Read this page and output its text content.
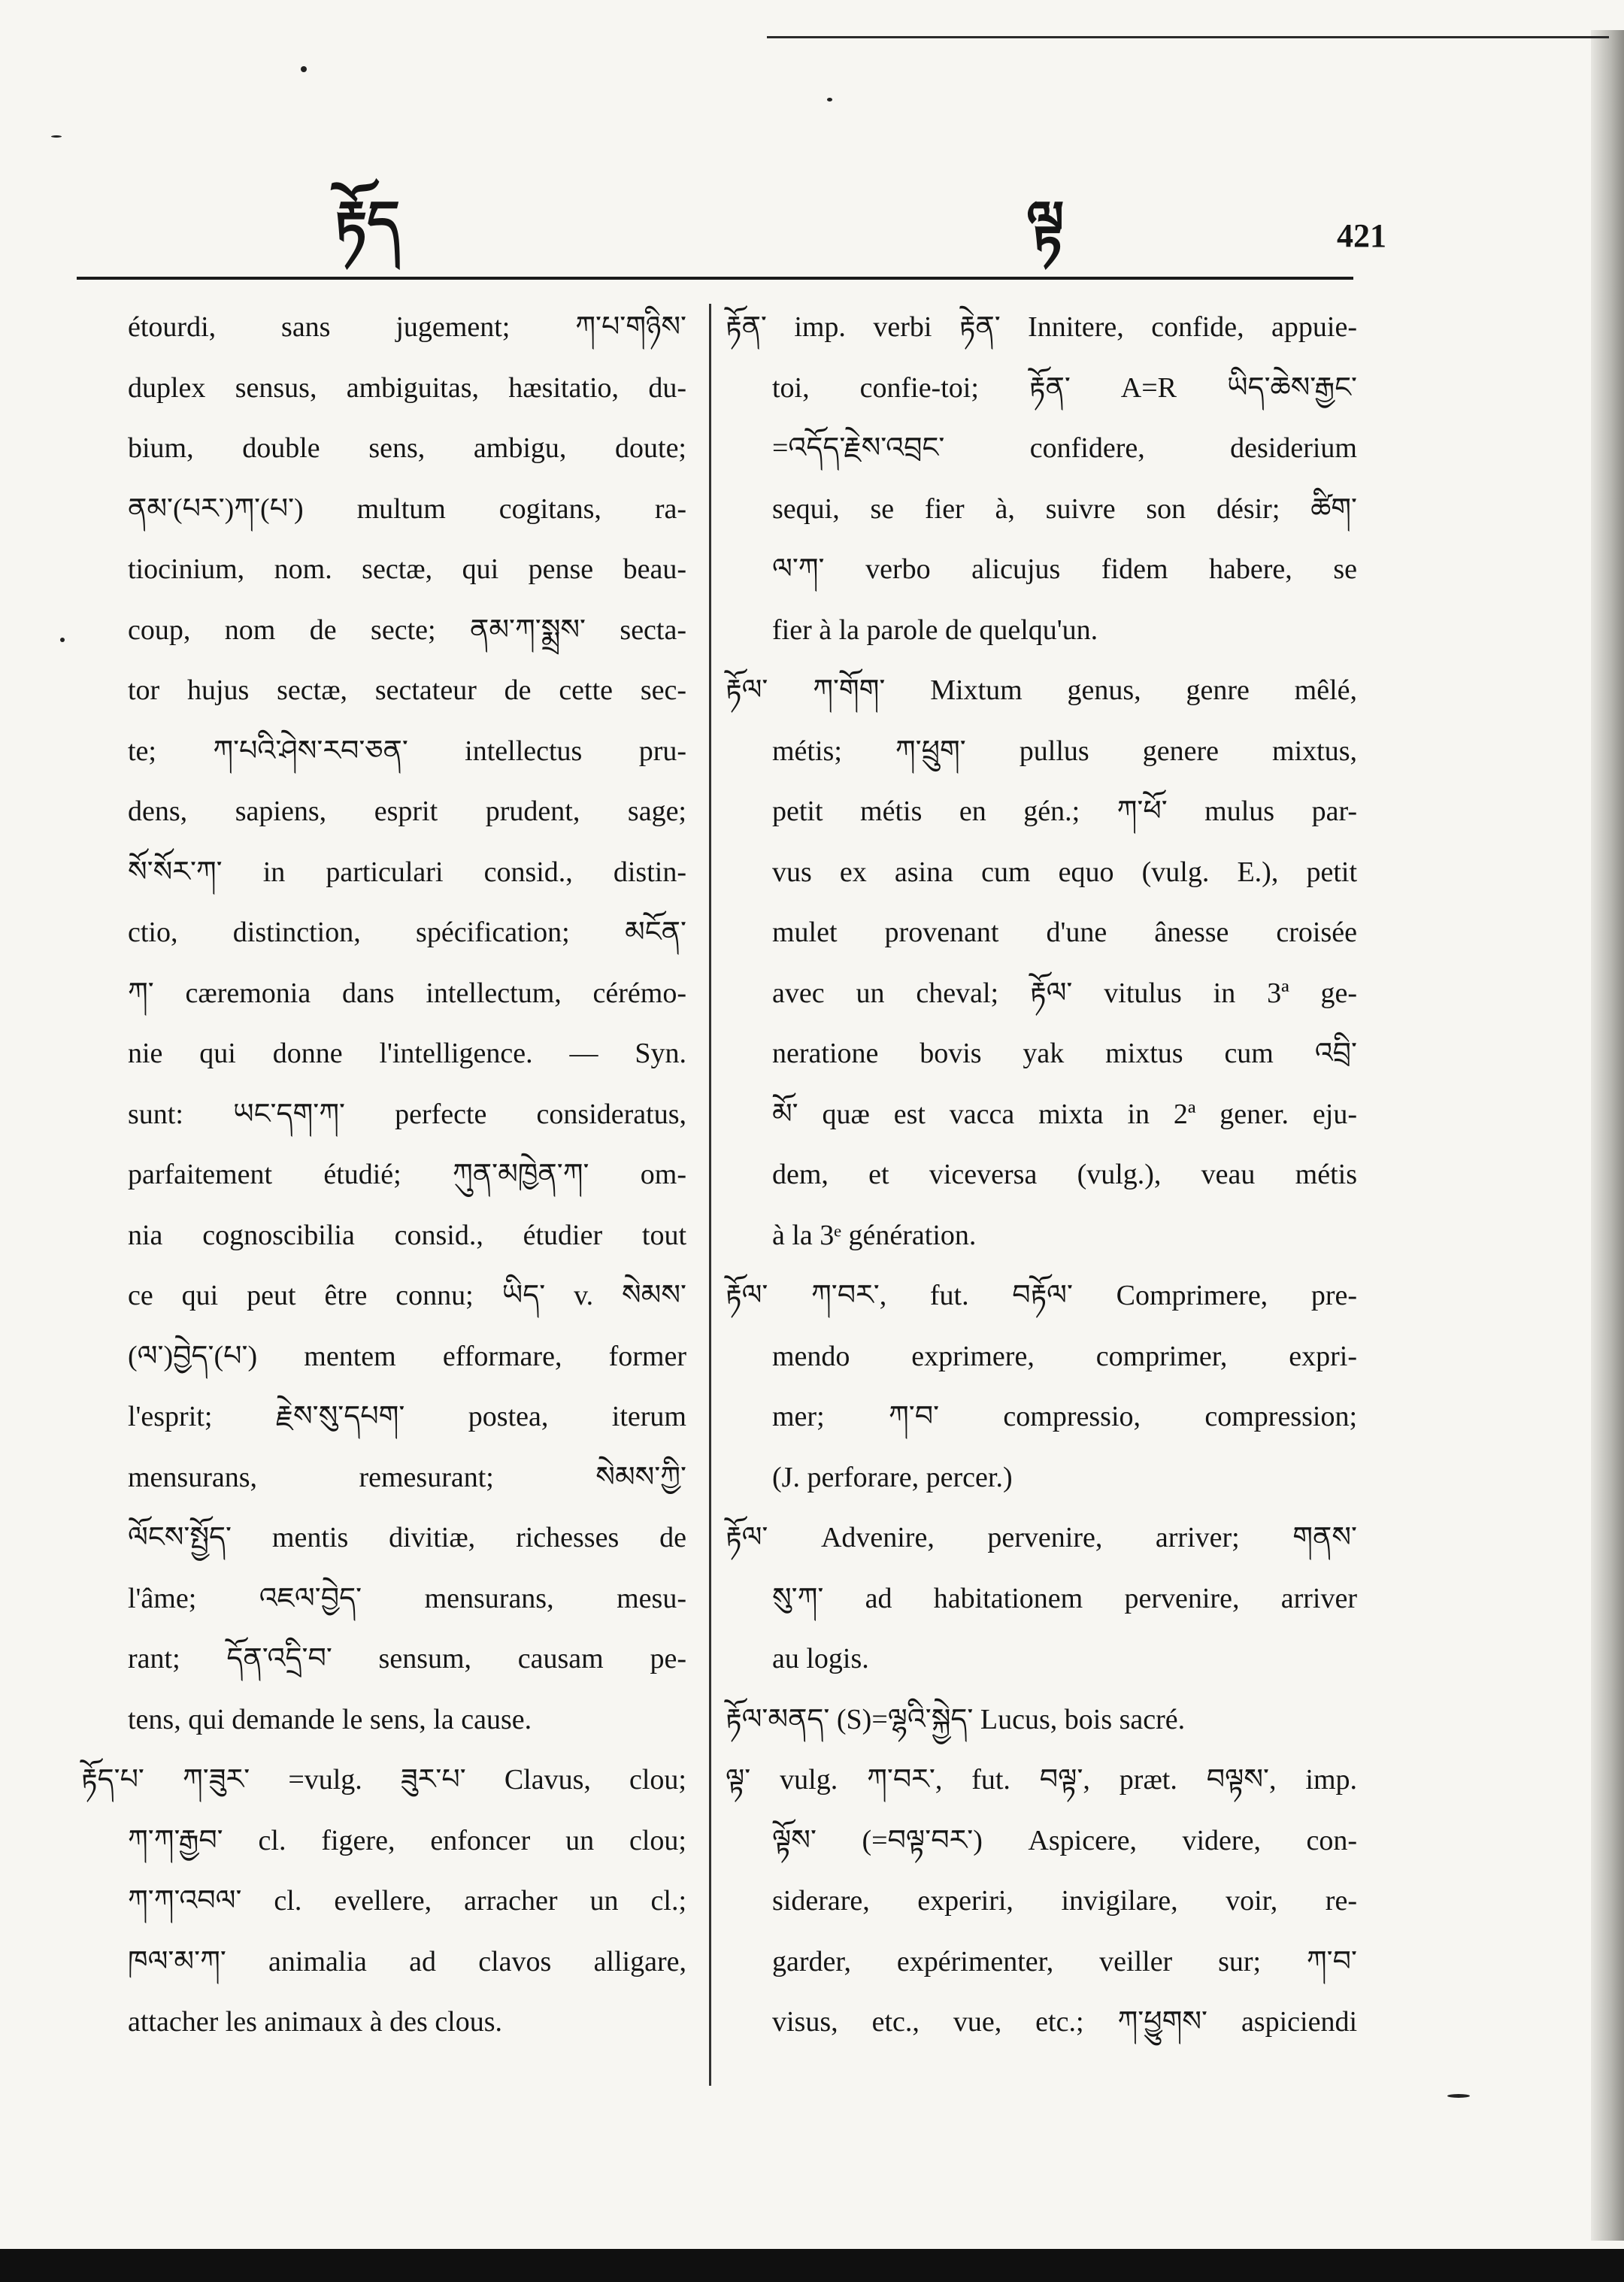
རྟོད	ལྟ	421
étourdi, sans jugement; ཀ་པ་གཉིས་
duplex sensus, ambiguitas, hæsitatio, du-
bium, double sens, ambigu, doute;
ནམ་(པར་)ཀ་(པ་) multum cogitans, ra-
tiocinium, nom. sectæ, qui pense beau-
coup, nom de secte; ནམ་ཀ་སྨྲས་ secta-
tor hujus sectæ, sectateur de cette sec-
te; ཀ་པའི་ཤེས་རབ་ཅན་ intellectus pru-
dens, sapiens, esprit prudent, sage;
སོ་སོར་ཀ་ in particulari consid., distin-
ctio, distinction, spécification; མངོན་
ཀ་ cæremonia dans intellectum, cérémo-
nie qui donne l'intelligence. — Syn.
sunt: ཡང་དག་ཀ་ perfecte consideratus,
parfaitement étudié; ཀུན་མཁྱེན་ཀ་ om-
nia cognoscibilia consid., étudier tout
ce qui peut être connu; ཡིད་ v. སེམས་
(ལ་)བྱེད་(པ་) mentem efformare, former
l'esprit; རྗེས་སུ་དཔག་ postea, iterum
mensurans, remesurant; སེམས་ཀྱི་
ལོངས་སྤྱོད་ mentis divitiæ, richesses de
l'âme; འཇལ་བྱེད་ mensurans, mesu-
rant; དོན་འདྲི་བ་ sensum, causam pe-
tens, qui demande le sens, la cause.
རྟོད་པ་ ཀ་ཟུར་ =vulg. ཟུར་པ་ Clavus, clou;
ཀ་ཀ་རྒྱབ་ cl. figere, enfoncer un clou;
ཀ་ཀ་འབལ་ cl. evellere, arracher un cl.;
ཁལ་མ་ཀ་ animalia ad clavos alligare,
attacher les animaux à des clous.
རྟོན་ imp. verbi རྟེན་ Innitere, confide, appuie-
toi, confie-toi; རྟོན་ A=R ཡིད་ཆེས་རྒྱང་
=འདོད་རྗེས་འབྲང་ confidere, desiderium
sequi, se fier à, suivre son désir; ཚིག་
ལ་ཀ་ verbo alicujus fidem habere, se
fier à la parole de quelqu'un.
རྟོལ་ ཀ་གོག་ Mixtum genus, genre mêlé,
métis; ཀ་ཕྲུག་ pullus genere mixtus,
petit métis en gén.; ཀ་ཕོ་ mulus par-
vus ex asina cum equo (vulg. E.), petit
mulet provenant d'une ânesse croisée
avec un cheval; རྟོལ་ vitulus in 3ª ge-
neratione bovis yak mixtus cum འབྲི་
མོ་ quæ est vacca mixta in 2ª gener. eju-
dem, et viceversa (vulg.), veau métis
à la 3ᵉ génération.
རྟོལ་ ཀ་བར་, fut. བརྟོལ་ Comprimere, pre-
mendo exprimere, comprimer, expri-
mer; ཀ་བ་ compressio, compression;
(J. perforare, percer.)
རྟོལ་ Advenire, pervenire, arriver; གནས་
སུ་ཀ་ ad habitationem pervenire, arriver
au logis.
རྟོལ་མནད་ (S)=ལྷའི་སྐྱེད་ Lucus, bois sacré.
ལྟ་ vulg. ཀ་བར་, fut. བལྟ་, præt. བལྟས་, imp.
ལྟོས་ (=བལྟ་བར་) Aspicere, videre, con-
siderare, experiri, invigilare, voir, re-
garder, expérimenter, veiller sur; ཀ་བ་
visus, etc., vue, etc.; ཀ་ཕྱུགས་ aspiciendi
